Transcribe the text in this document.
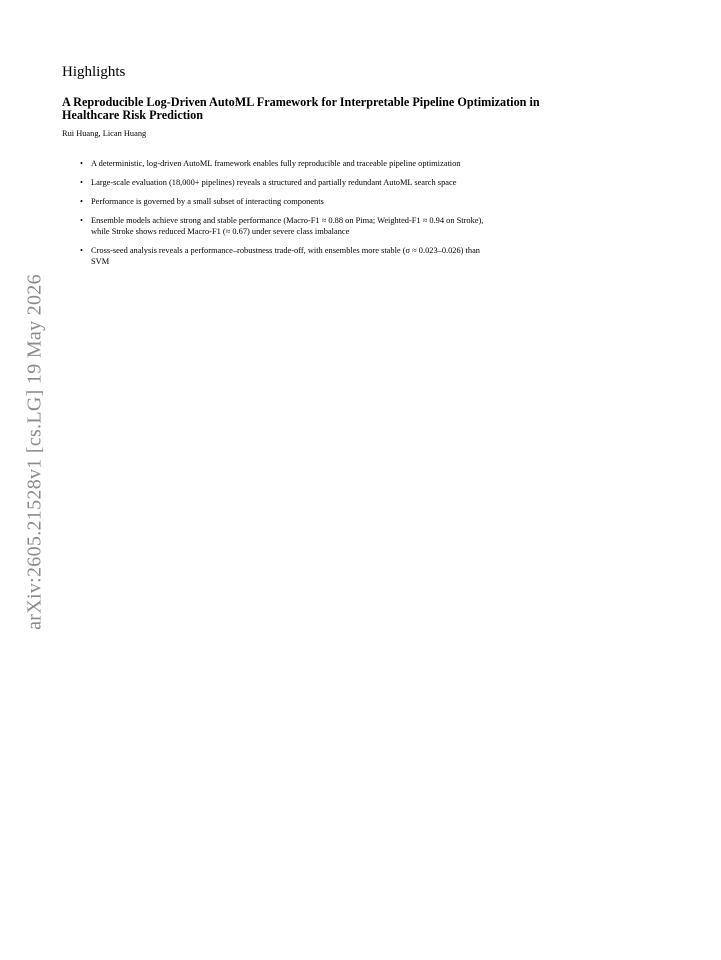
arXiv:2605.21528v1 [cs.LG] 19 May 2026
Highlights
A Reproducible Log-Driven AutoML Framework for Interpretable Pipeline Optimization in
Healthcare Risk Prediction
Rui Huang, Lican Huang
• A deterministic, log-driven AutoML framework enables fully reproducible and traceable pipeline optimization
• Large-scale evaluation (18,000+ pipelines) reveals a structured and partially redundant AutoML search space
• Performance is governed by a small subset of interacting components
• Ensemble models achieve strong and stable performance (Macro-F1 ≈ 0.88 on Pima; Weighted-F1 ≈ 0.94 on Stroke),
while Stroke shows reduced Macro-F1 (≈ 0.67) under severe class imbalance
• Cross-seed analysis reveals a performance–robustness trade-off, with ensembles more stable (σ ≈ 0.023–0.026) than
SVM
